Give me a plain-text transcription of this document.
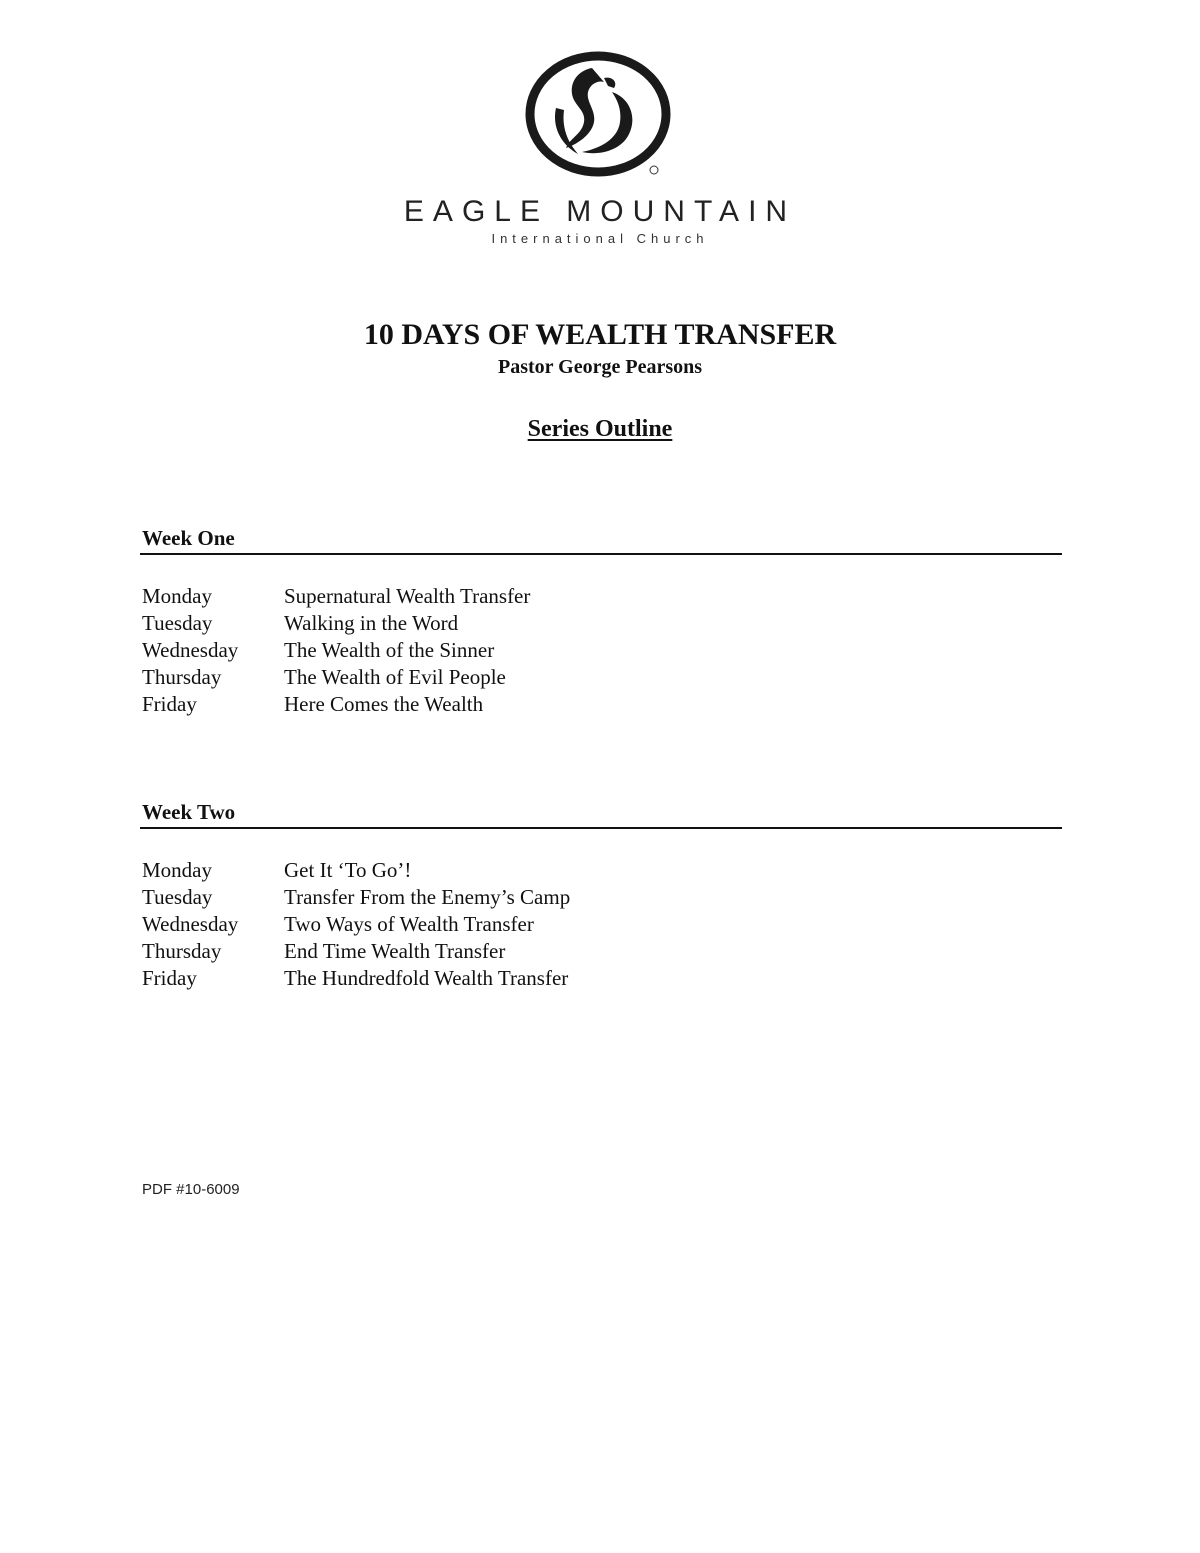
EAGLE MOUNTAIN
International Church
10 DAYS OF WEALTH TRANSFER
Pastor George Pearsons
Series Outline
Week One
Monday	Supernatural Wealth Transfer
Tuesday	Walking in the Word
Wednesday	The Wealth of the Sinner
Thursday	The Wealth of Evil People
Friday	Here Comes the Wealth
Week Two
Monday	Get It ‘To Go’!
Tuesday	Transfer From the Enemy’s Camp
Wednesday	Two Ways of Wealth Transfer
Thursday	End Time Wealth Transfer
Friday	The Hundredfold Wealth Transfer
PDF #10-6009
